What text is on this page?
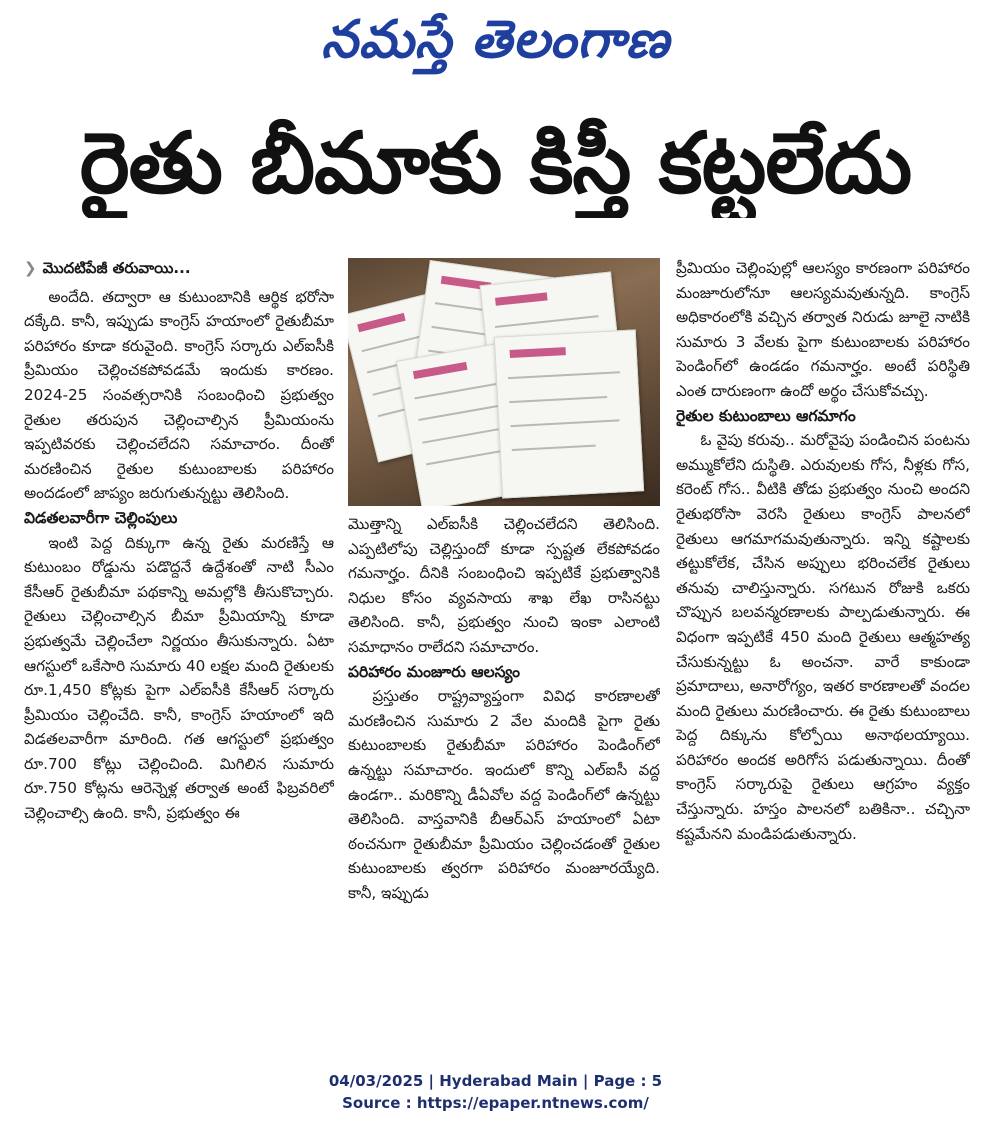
నమస్తే తెలంగాణ
రైతు బీమాకు కిస్తీ కట్టలేదు
❯ మొదటిపేజీ తరువాయి...

అందేది. తద్వారా ఆ కుటుంబానికి ఆర్థిక భరోసా దక్కేది. కానీ, ఇప్పుడు కాంగ్రెస్ హయాంలో రైతుబీమా పరిహారం కూడా కరువైంది. కాంగ్రెస్ సర్కారు ఎల్ఐసీకి ప్రీమియం చెల్లించకపోవడమే ఇందుకు కారణం. 2024-25 సంవత్సరానికి సంబంధించి ప్రభుత్వం రైతుల తరుపున చెల్లించాల్సిన ప్రీమియంను ఇప్పటివరకు చెల్లించలేదని సమాచారం. దీంతో మరణించిన రైతుల కుటుంబాలకు పరిహారం అందడంలో జాప్యం జరుగుతున్నట్టు తెలిసింది.

విడతలవారీగా చెల్లింపులు

ఇంటి పెద్ద దిక్కుగా ఉన్న రైతు మరణిస్తే ఆ కుటుంబం రోడ్డును పడొద్దనే ఉద్దేశంతో నాటి సీఎం కేసీఆర్ రైతుబీమా పథకాన్ని అమల్లోకి తీసుకొచ్చారు. రైతులు చెల్లించాల్సిన బీమా ప్రీమియాన్ని కూడా ప్రభుత్వమే చెల్లించేలా నిర్ణయం తీసుకున్నారు. ఏటా ఆగస్టులో ఒకేసారి సుమారు 40 లక్షల మంది రైతులకు రూ.1,450 కోట్లకు పైగా ఎల్ఐసీకి కేసీఆర్ సర్కారు ప్రీమియం చెల్లించేది. కానీ, కాంగ్రెస్ హయాంలో ఇది విడతలవారీగా మారింది. గత ఆగస్టులో ప్రభుత్వం రూ.700 కోట్లు చెల్లించింది. మిగిలిన సుమారు రూ.750 కోట్లను ఆరెన్నెళ్ల తర్వాత అంటే ఫిబ్రవరిలో చెల్లించాల్సి ఉంది. కానీ, ప్రభుత్వం ఈ

మొత్తాన్ని ఎల్ఐసీకి చెల్లించలేదని తెలిసింది. ఎప్పటిలోపు చెల్లిస్తుందో కూడా స్పష్టత లేకపోవడం గమనార్హం. దీనికి సంబంధించి ఇప్పటికే ప్రభుత్వానికి నిధుల కోసం వ్యవసాయ శాఖ లేఖ రాసినట్టు తెలిసింది. కానీ, ప్రభుత్వం నుంచి ఇంకా ఎలాంటి సమాధానం రాలేదని సమాచారం.

పరిహారం మంజూరు ఆలస్యం

ప్రస్తుతం రాష్ట్రవ్యాప్తంగా వివిధ కారణాలతో మరణించిన సుమారు 2 వేల మందికి పైగా రైతు కుటుంబాలకు రైతుబీమా పరిహారం పెండింగ్‌లో ఉన్నట్టు సమాచారం. ఇందులో కొన్ని ఎల్ఐసీ వద్ద ఉండగా.. మరికొన్ని డీఏవోల వద్ద పెండింగ్‌లో ఉన్నట్టు తెలిసింది. వాస్తవానికి బీఆర్ఎస్ హయాంలో ఏటా ఠంచనుగా రైతుబీమా ప్రీమియం చెల్లించడంతో రైతుల కుటుంబాలకు త్వరగా పరిహారం మంజూరయ్యేది. కానీ, ఇప్పుడు

ప్రీమియం చెల్లింపుల్లో ఆలస్యం కారణంగా పరిహారం మంజూరులోనూ ఆలస్యమవుతున్నది. కాంగ్రెస్ అధికారంలోకి వచ్చిన తర్వాత నిరుడు జూలై నాటికి సుమారు 3 వేలకు పైగా కుటుంబాలకు పరిహారం పెండింగ్‌లో ఉండడం గమనార్హం. అంటే పరిస్థితి ఎంత దారుణంగా ఉందో అర్థం చేసుకోవచ్చు.

రైతుల కుటుంబాలు ఆగమాగం

ఓ వైపు కరువు.. మరోవైపు పండించిన పంటను అమ్ముకోలేని దుస్థితి. ఎరువులకు గోస, నీళ్లకు గోస, కరెంట్ గోస.. వీటికి తోడు ప్రభుత్వం నుంచి అందని రైతుభరోసా వెరసి రైతులు కాంగ్రెస్ పాలనలో రైతులు ఆగమాగమవుతున్నారు. ఇన్ని కష్టాలకు తట్టుకోలేక, చేసిన అప్పులు భరించలేక రైతులు తనువు చాలిస్తున్నారు. సగటున రోజుకి ఒకరు చొప్పున బలవన్మరణాలకు పాల్పడుతున్నారు. ఈ విధంగా ఇప్పటికే 450 మంది రైతులు ఆత్మహత్య చేసుకున్నట్టు ఓ అంచనా. వారే కాకుండా ప్రమాదాలు, అనారోగ్యం, ఇతర కారణాలతో వందల మంది రైతులు మరణించారు. ఈ రైతు కుటుంబాలు పెద్ద దిక్కును కోల్పోయి అనాథలయ్యాయి. పరిహారం అందక అరిగోస పడుతున్నాయి. దీంతో కాంగ్రెస్ సర్కారుపై రైతులు ఆగ్రహం వ్యక్తం చేస్తున్నారు. హస్తం పాలనలో బతికినా.. చచ్చినా కష్టమేనని మండిపడుతున్నారు.

04/03/2025 | Hyderabad Main | Page : 5
Source : https://epaper.ntnews.com/
